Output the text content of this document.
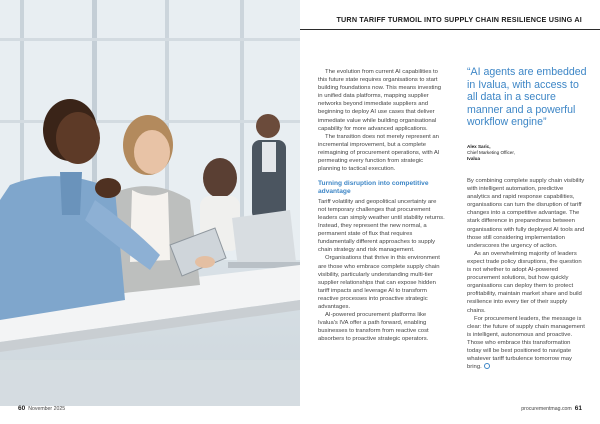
TURN TARIFF TURMOIL INTO SUPPLY CHAIN RESILIENCE USING AI

The evolution from current AI capabilities to this future state requires organisations to start building foundations now. This means investing in unified data platforms, mapping supplier networks beyond immediate suppliers and beginning to deploy AI use cases that deliver immediate value while building organisational capability for more advanced applications.

The transition does not merely represent an incremental improvement, but a complete reimagining of procurement operations, with AI permeating every function from strategic planning to tactical execution.

Turning disruption into competitive advantage

Tariff volatility and geopolitical uncertainty are not temporary challenges that procurement leaders can simply weather until stability returns. Instead, they represent the new normal, a permanent state of flux that requires fundamentally different approaches to supply chain strategy and risk management.

Organisations that thrive in this environment are those who embrace complete supply chain visibility, particularly understanding multi-tier supplier relationships that can expose hidden tariff impacts and leverage AI to transform reactive processes into proactive strategic advantages.

AI-powered procurement platforms like Ivalua's IVA offer a path forward, enabling businesses to transform from reactive cost absorbers to proactive strategic operators.

“AI agents are embedded in Ivalua, with access to all data in a secure manner and a powerful workflow engine”
Alex Saric,
Chief Marketing Officer,
Ivalua

By combining complete supply chain visibility with intelligent automation, predictive analytics and rapid response capabilities, organisations can turn the disruption of tariff changes into a competitive advantage. The stark difference in preparedness between organisations with fully deployed AI tools and those still considering implementation underscores the urgency of action.

As an overwhelming majority of leaders expect trade policy disruptions, the question is not whether to adopt AI-powered procurement solutions, but how quickly organisations can deploy them to protect profitability, maintain market share and build resilience into every tier of their supply chains.

For procurement leaders, the message is clear: the future of supply chain management is intelligent, autonomous and proactive. Those who embrace this transformation today will be best positioned to navigate whatever tariff turbulence tomorrow may bring.

60 November 2025	procurementmag.com 61
